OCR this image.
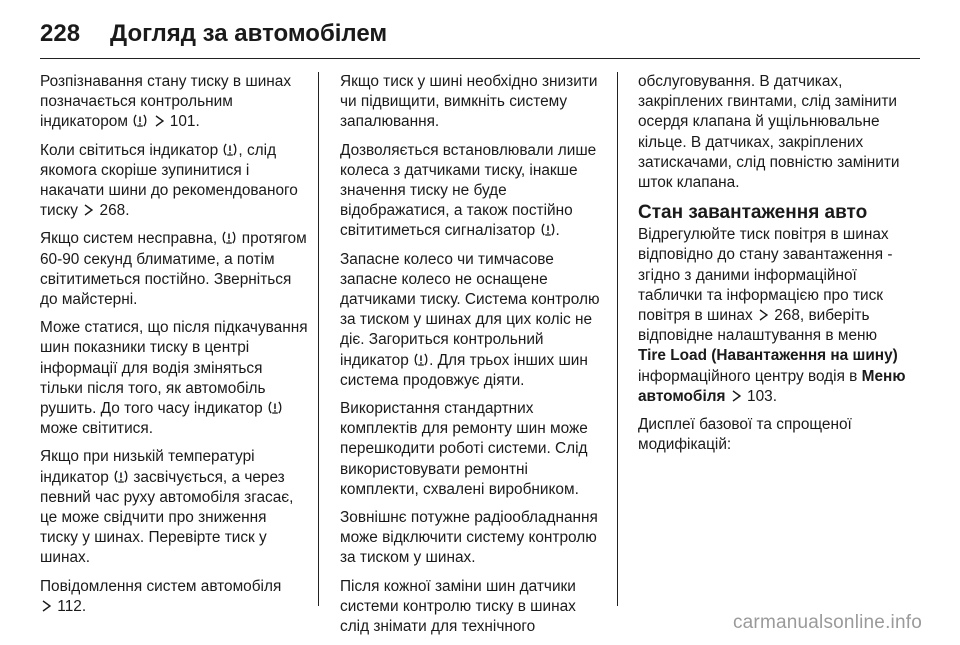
228 Догляд за автомобілем

Розпізнавання стану тиску в шинах позначається контрольним індикатором	101.

Коли світиться індикатор , слід якомога скоріше зупинитися і накачати шини до рекомендованого тиску 268.

Якщо систем несправна, протягом 60-90 секунд блиматиме, а потім світитиметься постійно. Зверніться до майстерні.

Може статися, що після підкачування шин показники тиску в центрі інформації для водія зміняться тільки після того, як автомобіль рушить. До того часу індикатор  може світитися.

Якщо при низькій температурі індикатор засвічується, а через певний час руху автомобіля згасає, це може свідчити про зниження тиску у шинах. Перевірте тиск у шинах.

Повідомлення систем автомобіля
112.

Якщо тиск у шині необхідно знизити чи підвищити, вимкніть систему запалювання.

Дозволяється встановлювали лише колеса з датчиками тиску, інакше значення тиску не буде відображатися, а також постійно світитиметься сигналізатор .

Запасне колесо чи тимчасове запасне колесо не оснащене датчиками тиску. Система контролю за тиском у шинах для цих коліс не діє. Загориться контрольний індикатор . Для трьох інших шин система продовжує діяти.

Використання стандартних комплектів для ремонту шин може перешкодити роботі системи. Слід використовувати ремонтні комплекти, схвалені виробником.

Зовнішнє потужне радіообладнання може відключити систему контролю за тиском у шинах.

Після кожної заміни шин датчики системи контролю тиску в шинах слід знімати для технічного

обслуговування. В датчиках, закріплених гвинтами, слід замінити осердя клапана й ущільнювальне кільце. В датчиках, закріплених затискачами, слід повністю замінити шток клапана.

Стан завантаження авто

Відрегулюйте тиск повітря в шинах відповідно до стану завантаження - згідно з даними інформаційної таблички та інформацією про тиск повітря в шинах 268, виберіть відповідне налаштування в меню Tire Load (Навантаження на шину) інформаційного центру водія в Меню автомобіля 103.

Дисплеї базової та спрощеної модифікацій:

carmanualsonline.info
